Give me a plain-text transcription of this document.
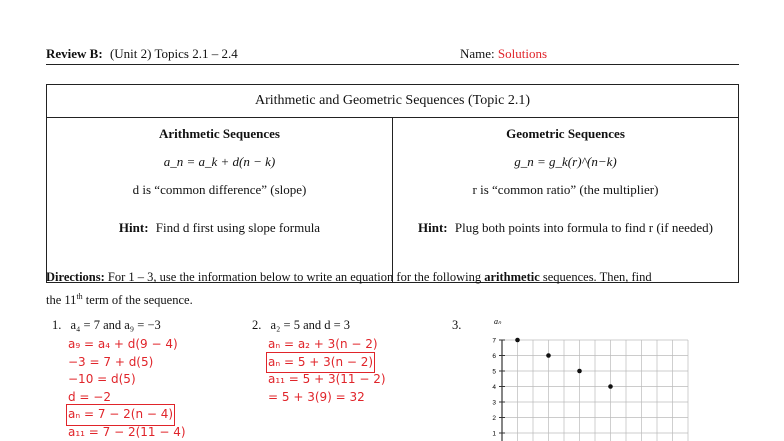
Review B: (Unit 2) Topics 2.1 – 2.4	Name: Solutions
Arithmetic and Geometric Sequences (Topic 2.1)

Arithmetic Sequences
a_n = a_k + d(n − k)
d is “common difference” (slope)
Hint: Find d first using slope formula

Geometric Sequences
g_n = g_k(r)^(n−k)
r is “common ratio” (the multiplier)
Hint: Plug both points into formula to find r (if needed)
Directions: For 1 – 3, use the information below to write an equation for the following arithmetic sequences. Then, find
the 11th term of the sequence.
1. a₄ = 7 and a₉ = −3
a₉ = a₄ + d(9 − 4)
−3 = 7 + d(5)
−10 = d(5)
d = −2
aₙ = 7 − 2(n − 4)
a₁₁ = 7 − 2(11 − 4)
2. a₂ = 5 and d = 3
aₙ = a₂ + 3(n − 2)
aₙ = 5 + 3(n − 2)
a₁₁ = 5 + 3(11 − 2)
= 5 + 3(9) = 32
3.	aₙ
7
6
5
4
3
2
1
